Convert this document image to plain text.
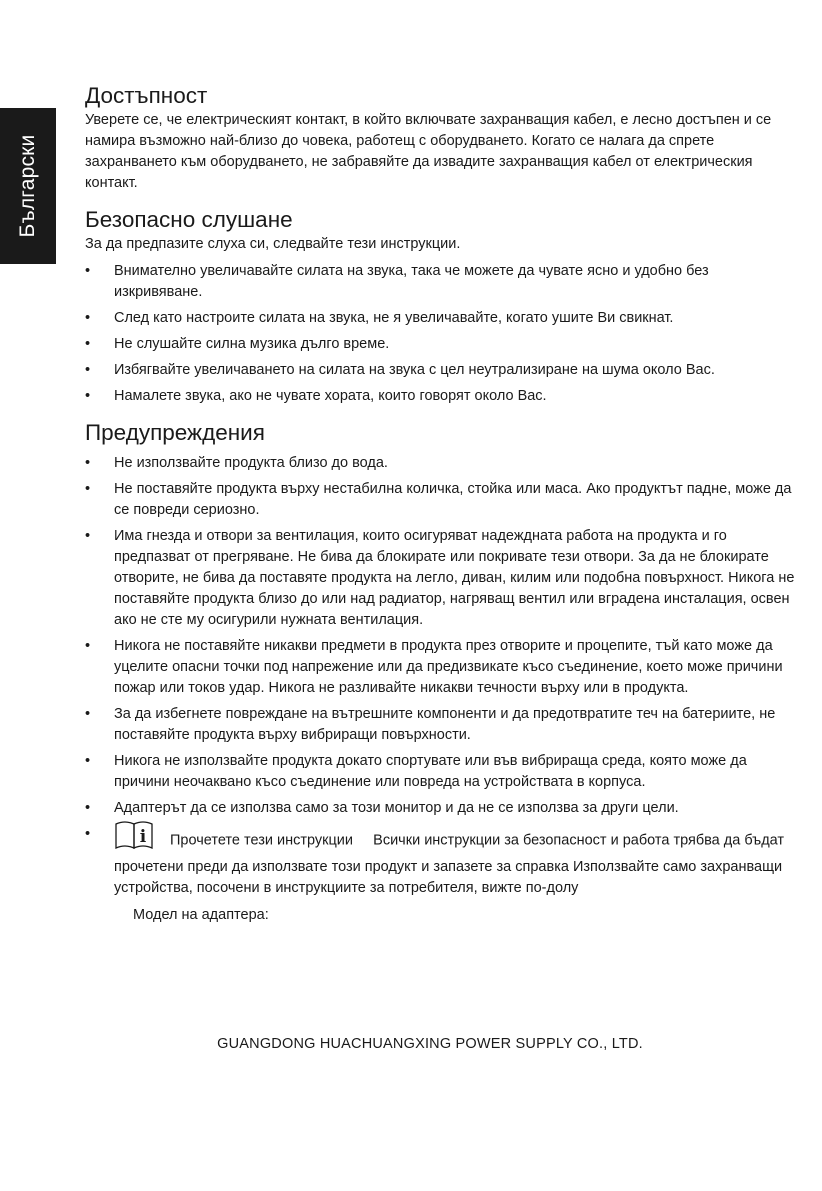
Български
Достъпност

Уверете се, че електрическият контакт, в който включвате захранващия кабел, е лесно достъпен и се намира възможно най-близо до човека, работещ с оборудването. Когато се налага да спрете захранването към оборудването, не забравяйте да извадите захранващия кабел от електрическия контакт.

Безопасно слушане

За да предпазите слуха си, следвайте тези инструкции.

• Внимателно увеличавайте силата на звука, така че можете да чувате ясно и удобно без изкривяване.
• След като настроите силата на звука, не я увеличавайте, когато ушите Ви свикнат.
• Не слушайте силна музика дълго време.
• Избягвайте увеличаването на силата на звука с цел неутрализиране на шума около Вас.
• Намалете звука, ако не чувате хората, които говорят около Вас.
Предупреждения
• Не използвайте продукта близо до вода.
• Не поставяйте продукта върху нестабилна количка, стойка или маса. Ако продуктът падне, може да се повреди сериозно.
• Има гнезда и отвори за вентилация, които осигуряват надеждната работа на продукта и го предпазват от прегряване. Не бива да блокирате или покривате тези отвори. За да не блокирате отворите, не бива да поставяте продукта на легло, диван, килим или подобна повърхност. Никога не поставяйте продукта близо до или над радиатор, нагряващ вентил или вградена инсталация, освен ако не сте му осигурили нужната вентилация.
• Никога не поставяйте никакви предмети в продукта през отворите и процепите, тъй като може да уцелите опасни точки под напрежение или да предизвикате късо съединение, което може причини пожар или токов удар. Никога не разливайте никакви течности върху или в продукта.
• За да избегнете повреждане на вътрешните компоненти и да предотвратите теч на батериите, не поставяйте продукта върху вибриращи повърхности.
• Никога не използвайте продукта докато спортувате или във вибрираща среда, която може да причини неочаквано късо съединение или повреда на устройствата в корпуса.
• Адаптерът да се използва само за този монитор и да не се използва за други цели.
•	i Прочетете тези инструкции Всички инструкции за безопасност и работа трябва да бъдат прочетени преди да използвате този продукт и запазете за справка Използвайте само захранващи устройства, посочени в инструкциите за потребителя, вижте по-долу

Модел на адаптера:

GUANGDONG HUACHUANGXING POWER SUPPLY CO., LTD.
